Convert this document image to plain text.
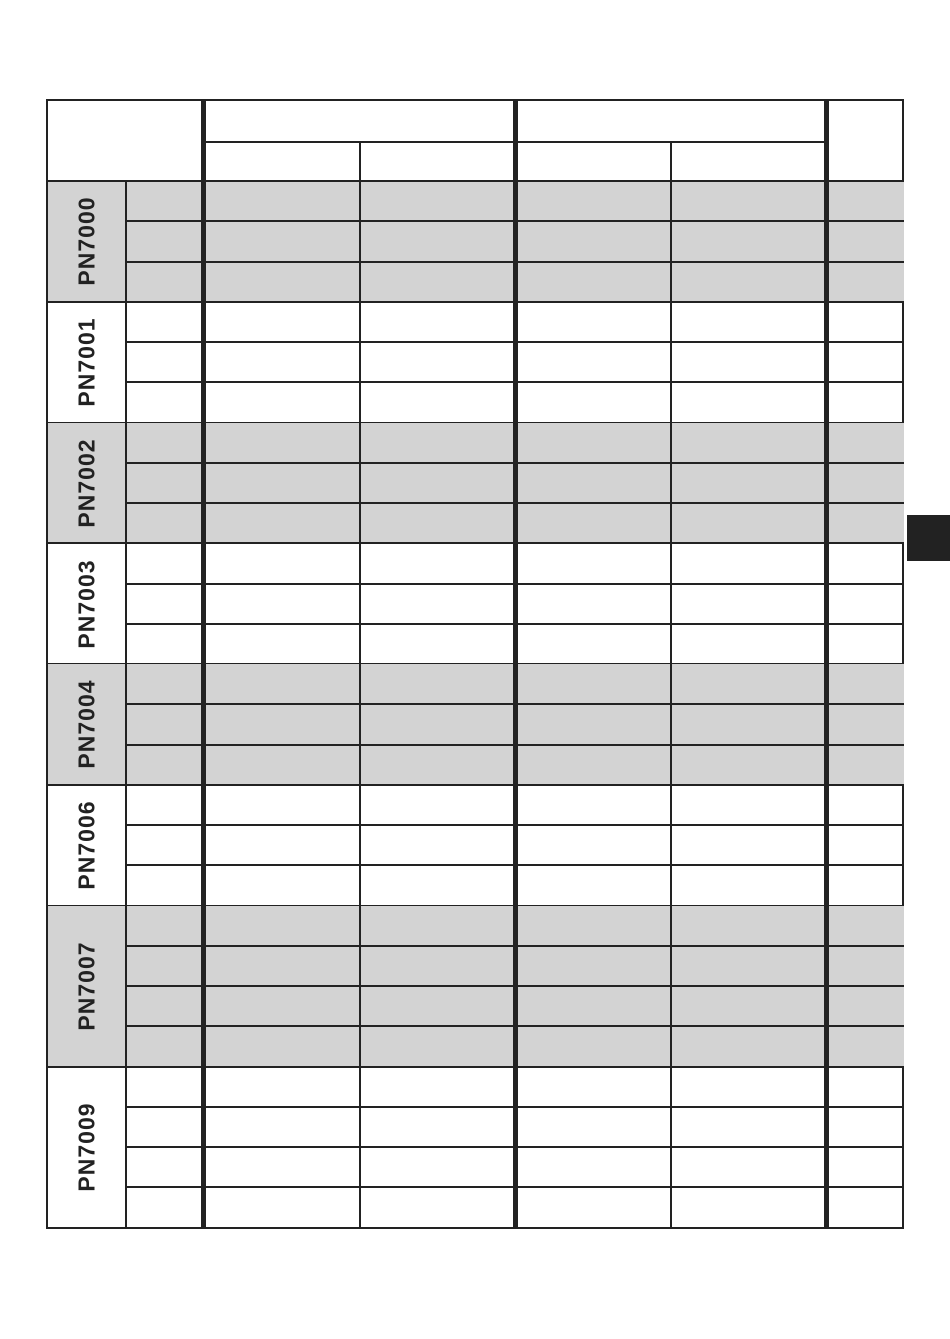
PN7000
PN7001
PN7002
PN7003
PN7004
PN7006
PN7007
PN7009
